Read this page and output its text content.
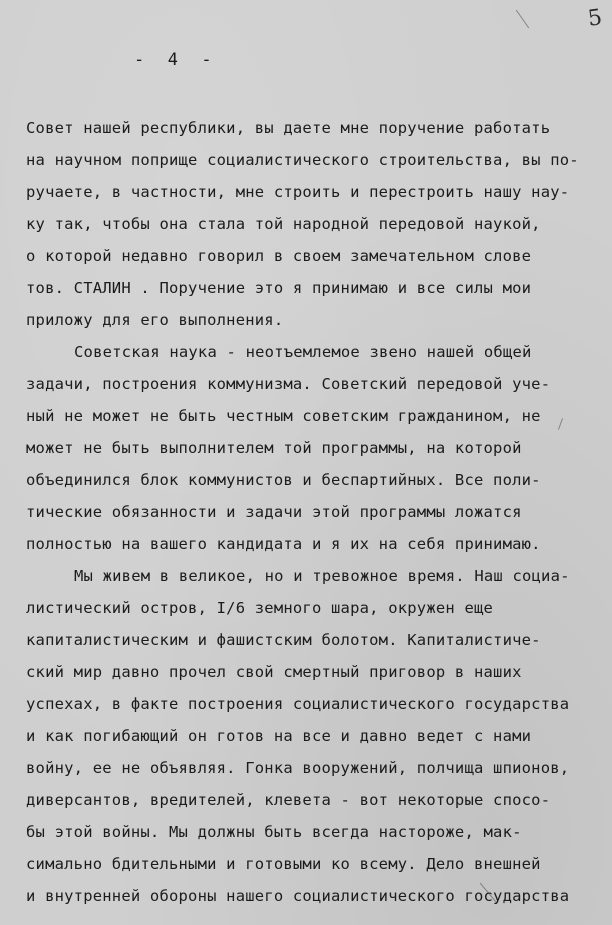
5
-  4  -
Совет нашей республики, вы даете мне поручение работать
на научном поприще социалистического строительства, вы по-
ручаете, в частности, мне строить и перестроить нашу нау-
ку так, чтобы она стала той народной передовой наукой,
о которой недавно говорил в своем замечательном слове
тов. СТАЛИН . Поручение это я принимаю и все силы мои
приложу для его выполнения.
Советская наука - неотъемлемое звено нашей общей
задачи, построения коммунизма. Советский передовой уче-
ный не может не быть честным советским гражданином, не
может не быть выполнителем той программы, на которой
объединился блок коммунистов и беспартийных. Все поли-
тические обязанности и задачи этой программы ложатся
полностью на вашего кандидата и я их на себя принимаю.
Мы живем в великое, но и тревожное время. Наш социа-
листический остров, I/6 земного шара, окружен еще
капиталистическим и фашистским болотом. Капиталистиче-
ский мир давно прочел свой смертный приговор в наших
успехах, в факте построения социалистического государства
и как погибающий он готов на все и давно ведет с нами
войну, ее не объявляя. Гонка вооружений, полчища шпионов,
диверсантов, вредителей, клевета - вот некоторые спосо-
бы этой войны. Мы должны быть всегда настороже, мак-
симально бдительными и готовыми ко всему. Дело внешней
и внутренней обороны нашего социалистического государства
